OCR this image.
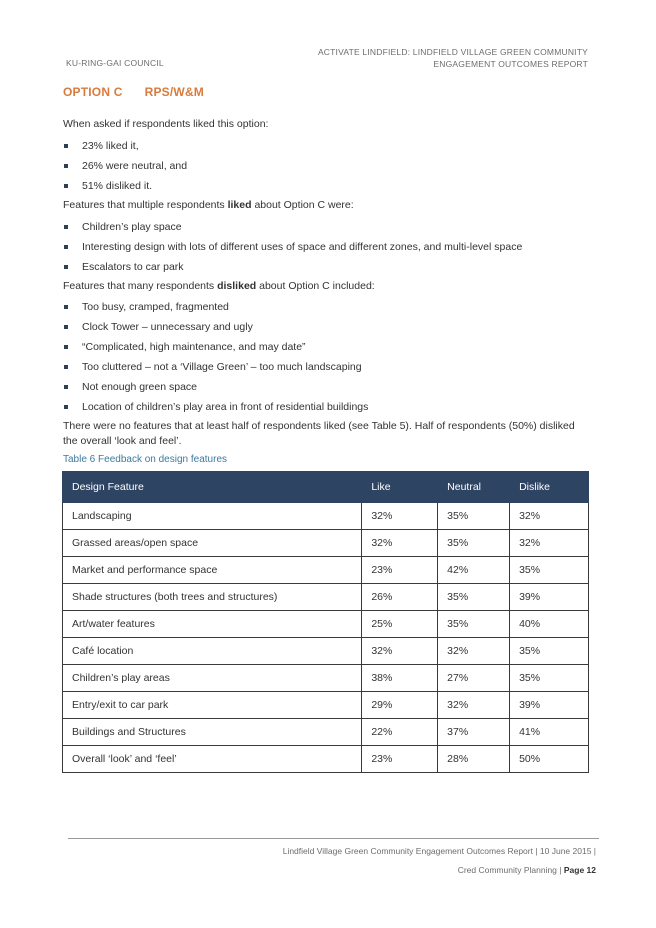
KU-RING-GAI COUNCIL
ACTIVATE LINDFIELD: LINDFIELD VILLAGE GREEN COMMUNITY
ENGAGEMENT OUTCOMES REPORT
OPTION C RPS/W&M
When asked if respondents liked this option:
23% liked it,
26% were neutral, and
51% disliked it.
Features that multiple respondents liked about Option C were:
Children’s play space
Interesting design with lots of different uses of space and different zones, and multi-level space
Escalators to car park
Features that many respondents disliked about Option C included:
Too busy, cramped, fragmented
Clock Tower – unnecessary and ugly
“Complicated, high maintenance, and may date”
Too cluttered – not a ‘Village Green’ – too much landscaping
Not enough green space
Location of children’s play area in front of residential buildings
There were no features that at least half of respondents liked (see Table 5). Half of respondents (50%) disliked the overall ‘look and feel’.
Table 6 Feedback on design features
Design Feature	Like	Neutral	Dislike
Landscaping	32%	35%	32%
Grassed areas/open space	32%	35%	32%
Market and performance space	23%	42%	35%
Shade structures (both trees and structures)	26%	35%	39%
Art/water features	25%	35%	40%
Café location	32%	32%	35%
Children’s play areas	38%	27%	35%
Entry/exit to car park	29%	32%	39%
Buildings and Structures	22%	37%	41%
Overall ‘look’ and ‘feel’	23%	28%	50%
Lindfield Village Green Community Engagement Outcomes Report | 10 June 2015 |
Cred Community Planning | Page 12
